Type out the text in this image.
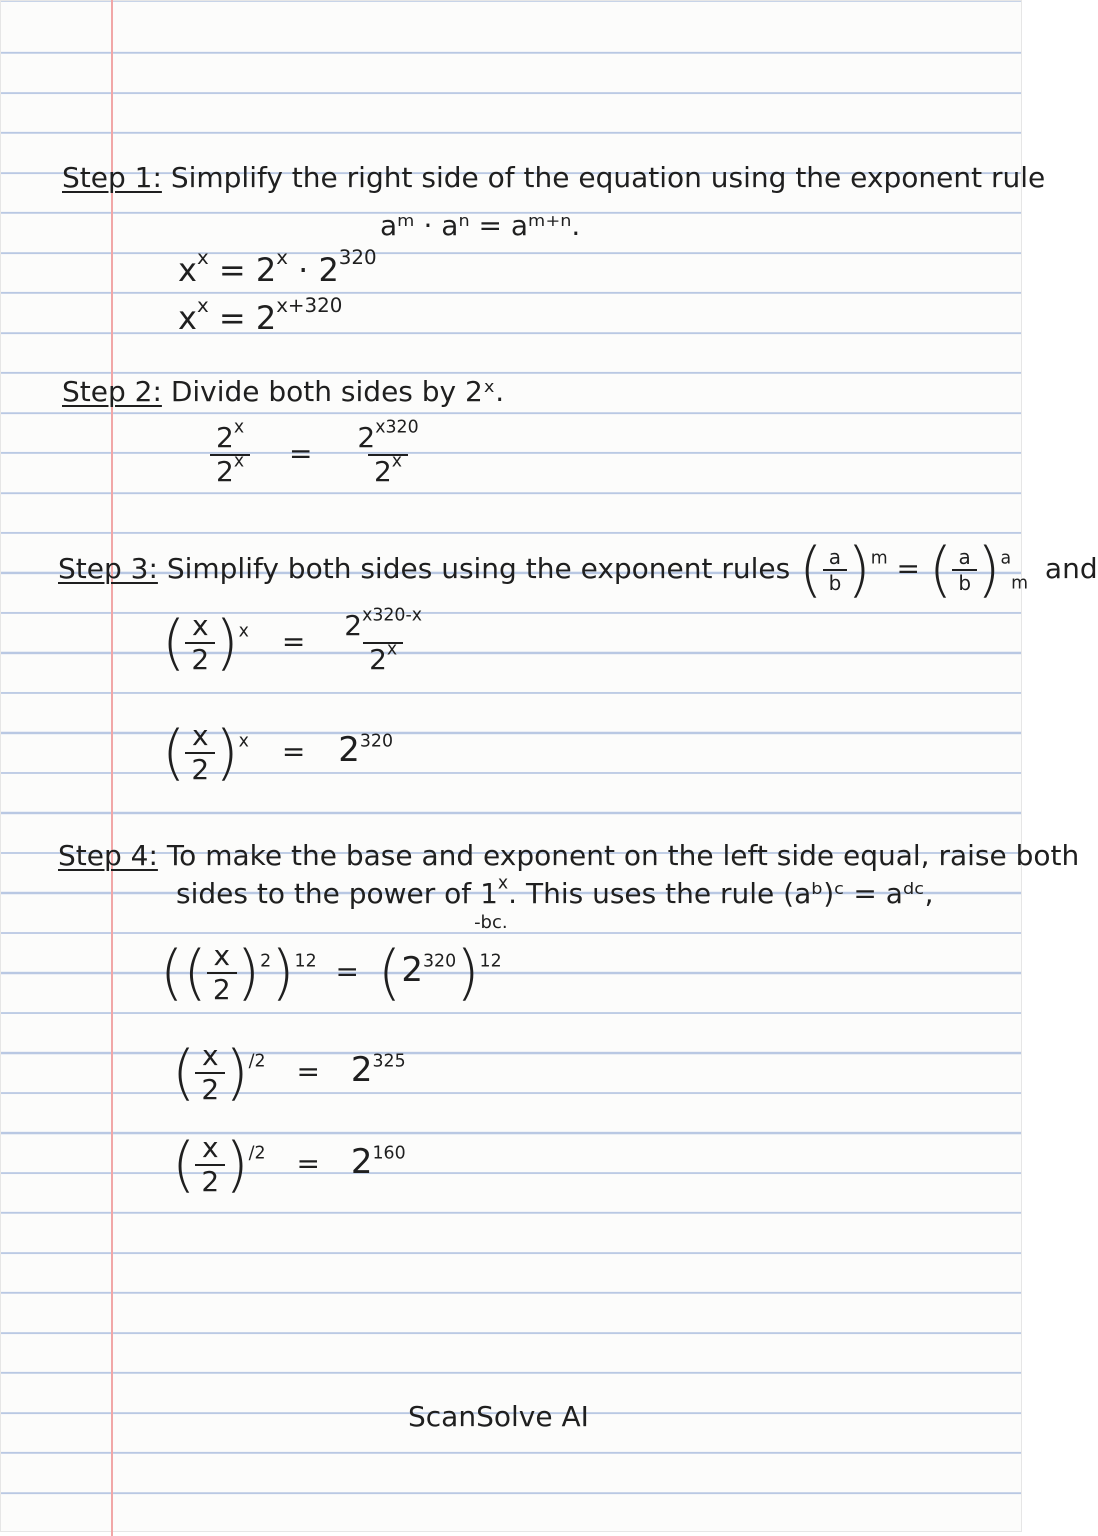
Step 1: Simplify the right side of the equation using the exponent rule
aᵐ · aⁿ = aᵐ⁺ⁿ.
$x^x = 2^x \cdot 2^{320}$
$x^x = 2^{x+320}$
Step 2: Divide both sides by 2ˣ.
$\frac{2^x}{2^x} = \frac{2^{x320}}{2^x}$
Step 3: Simplify both sides using the exponent rules ( $\frac{a}{b} )^m$ = ( $\frac{a}{b} )^a_m$ and
( $\frac{x}{2} )^x = \frac{2^{x320-x}}{2^x}$
( $\frac{x}{2} )^x = 2^{320}$
Step 4: To make the base and exponent on the left side equal, raise both
sides to the power of 1$^x$
-bc.
. This uses the rule (aᵇ)ᶜ = aᵈᶜ,
(( $\frac{x}{2} )^2)^{12} = (2^{320})^{12}$
( $\frac{x}{2} )^{/2} = 2^{325}$
( $\frac{x}{2} )^{/2} = 2^{160}$
ScanSolve AI
